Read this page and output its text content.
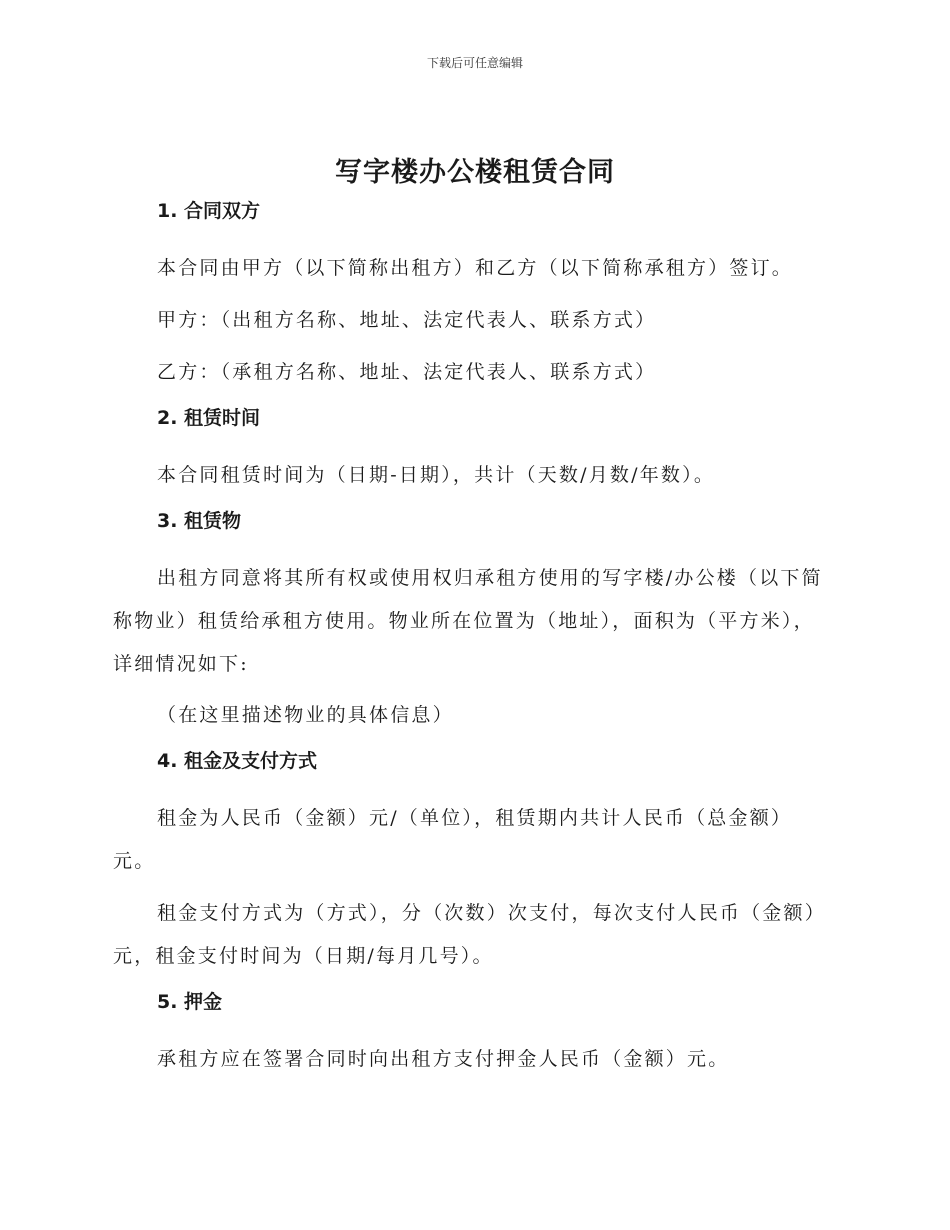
下载后可任意编辑
写字楼办公楼租赁合同
1. 合同双方

本合同由甲方（以下简称出租方）和乙方（以下简称承租方）签订。

甲方：（出租方名称、地址、法定代表人、联系方式）

乙方：（承租方名称、地址、法定代表人、联系方式）

2. 租赁时间

本合同租赁时间为（日期-日期），共计（天数/月数/年数）。

3. 租赁物

出租方同意将其所有权或使用权归承租方使用的写字楼/办公楼（以下简称物业）租赁给承租方使用。物业所在位置为（地址），面积为（平方米），详细情况如下:

（在这里描述物业的具体信息）

4. 租金及支付方式

租金为人民币（金额）元/（单位），租赁期内共计人民币（总金额）元。

租金支付方式为（方式），分（次数）次支付，每次支付人民币（金额）元，租金支付时间为（日期/每月几号）。

5. 押金

承租方应在签署合同时向出租方支付押金人民币（金额）元。
